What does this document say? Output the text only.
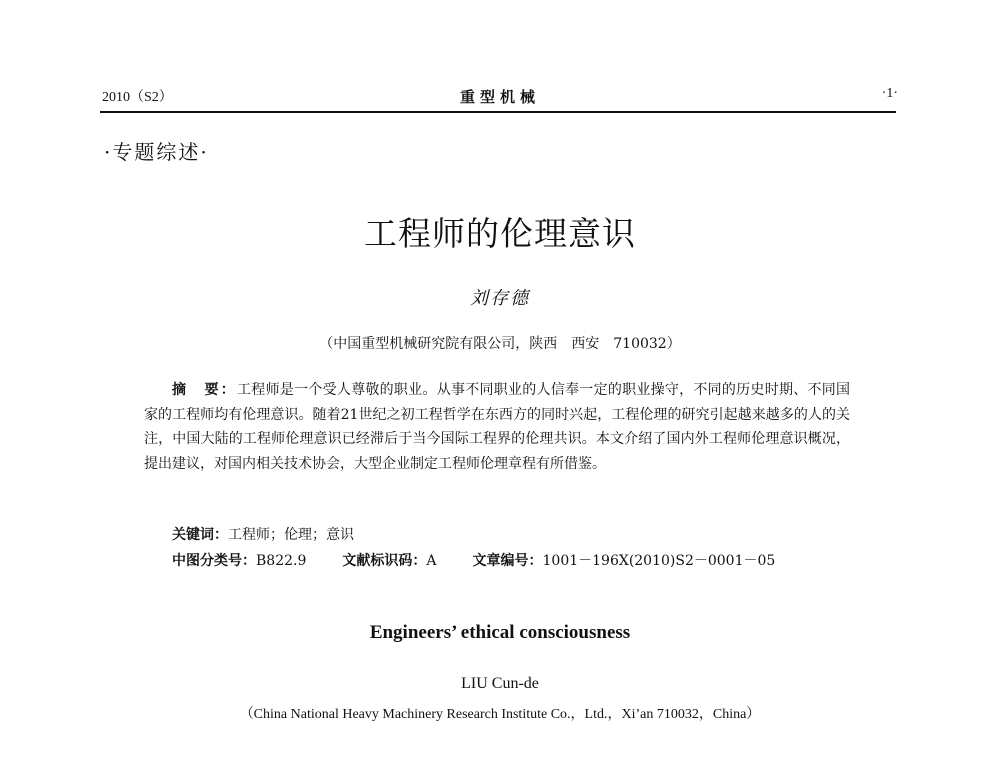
2010（S2）	重型机械	·1·
·专题综述·
工程师的伦理意识
刘存德
（中国重型机械研究院有限公司，陕西　西安　710032）
摘　要：工程师是一个受人尊敬的职业。从事不同职业的人信奉一定的职业操守，不同的历史时期、不同国家的工程师均有伦理意识。随着21世纪之初工程哲学在东西方的同时兴起，工程伦理的研究引起越来越多的人的关注，中国大陆的工程师伦理意识已经滞后于当今国际工程界的伦理共识。本文介绍了国内外工程师伦理意识概况，提出建议，对国内相关技术协会，大型企业制定工程师伦理章程有所借鉴。
关键词：工程师；伦理；意识
中图分类号：B822.9	文献标识码：A	文章编号：1001－196X(2010)S2－0001－05
Engineers’ ethical consciousness
LIU Cun-de
（China National Heavy Machinery Research Institute Co.，Ltd.，Xi’an 710032，China）
